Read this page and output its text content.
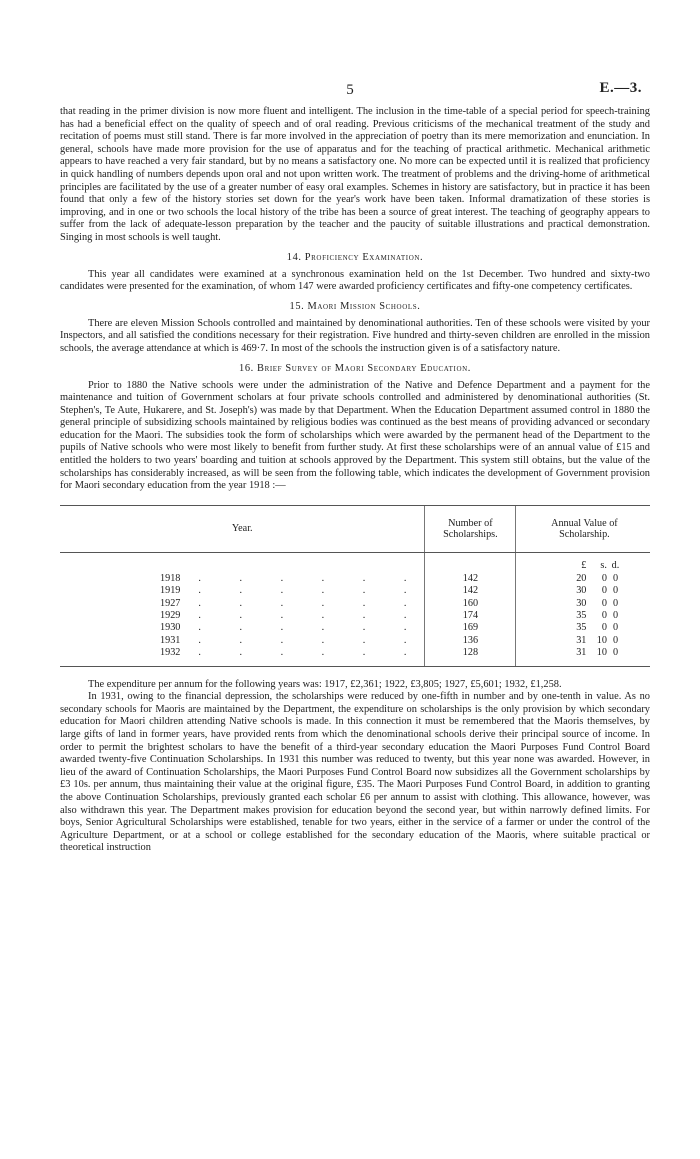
5	E.—3.

that reading in the primer division is now more fluent and intelligent. The inclusion in the time-table of a special period for speech-training has had a beneficial effect on the quality of speech and of oral reading. Previous criticisms of the mechanical treatment of the study and recitation of poems must still stand. There is far more involved in the appreciation of poetry than its mere memorization and enunciation. In general, schools have made more provision for the use of apparatus and for the teaching of practical arithmetic. Mechanical arithmetic appears to have reached a very fair standard, but by no means a satisfactory one. No more can be expected until it is realized that proficiency in quick handling of numbers depends upon oral and not upon written work. The treatment of problems and the driving-home of arithmetical principles are facilitated by the use of a greater number of easy oral examples. Schemes in history are satisfactory, but in practice it has been found that only a few of the history stories set down for the year's work have been taken. Informal dramatization of these stories is improving, and in one or two schools the local history of the tribe has been a source of great interest. The teaching of geography appears to suffer from the lack of adequate-lesson preparation by the teacher and the paucity of suitable illustrations and practical demonstration. Singing in most schools is well taught.

14. Proficiency Examination.

This year all candidates were examined at a synchronous examination held on the 1st December. Two hundred and sixty-two candidates were presented for the examination, of whom 147 were awarded proficiency certificates and fifty-one competency certificates.

15. Maori Mission Schools.

There are eleven Mission Schools controlled and maintained by denominational authorities. Ten of these schools were visited by your Inspectors, and all satisfied the conditions necessary for their registration. Five hundred and thirty-seven children are enrolled in the mission schools, the average attendance at which is 469·7. In most of the schools the instruction given is of a satisfactory nature.

16. Brief Survey of Maori Secondary Education.

Prior to 1880 the Native schools were under the administration of the Native and Defence Department and a payment for the maintenance and tuition of Government scholars at four private schools controlled and administered by denominational authorities (St. Stephen's, Te Aute, Hukarere, and St. Joseph's) was made by that Department. When the Education Department assumed control in 1880 the general principle of subsidizing schools maintained by religious bodies was continued as the best means of providing advanced or secondary education for the Maori. The subsidies took the form of scholarships which were awarded by the permanent head of the Department to the pupils of Native schools who were most likely to benefit from further study. At first these scholarships were of an annual value of £15 and entitled the holders to two years' boarding and tuition at schools approved by the Department. This system still obtains, but the value of the scholarships has considerably increased, as will be seen from the following table, which indicates the development of Government provision for Maori secondary education from the year 1918 :—

Year.	Number of Scholarships.	Annual Value of Scholarship.

		£ s. d.
1918 . . . . . .	142	20 0 0
1919 . . . . . .	142	30 0 0
1927 . . . . . .	160	30 0 0
1929 . . . . . .	174	35 0 0
1930 . . . . . .	169	35 0 0
1931 . . . . . .	136	31 10 0
1932 . . . . . .	128	31 10 0

The expenditure per annum for the following years was: 1917, £2,361; 1922, £3,805; 1927, £5,601; 1932, £1,258.

In 1931, owing to the financial depression, the scholarships were reduced by one-fifth in number and by one-tenth in value. As no secondary schools for Maoris are maintained by the Department, the expenditure on scholarships is the only provision by which secondary education for Maori children attending Native schools is made. In this connection it must be remembered that the Maoris themselves, by large gifts of land in former years, have provided rents from which the denominational schools derive their principal source of income. In order to permit the brightest scholars to have the benefit of a third-year secondary education the Maori Purposes Fund Control Board awarded twenty-five Continuation Scholarships. In 1931 this number was reduced to twenty, but this year none was awarded. However, in lieu of the award of Continuation Scholarships, the Maori Purposes Fund Control Board now subsidizes all the Government scholarships by £3 10s. per annum, thus maintaining their value at the original figure, £35. The Maori Purposes Fund Control Board, in addition to granting the above Continuation Scholarships, previously granted each scholar £6 per annum to assist with clothing. This allowance, however, was also withdrawn this year. The Department makes provision for education beyond the second year, but within narrowly defined limits. For boys, Senior Agricultural Scholarships were established, tenable for two years, either in the service of a farmer or under the control of the Agriculture Department, or at a school or college established for the secondary education of the Maoris, where suitable practical or theoretical instruction
